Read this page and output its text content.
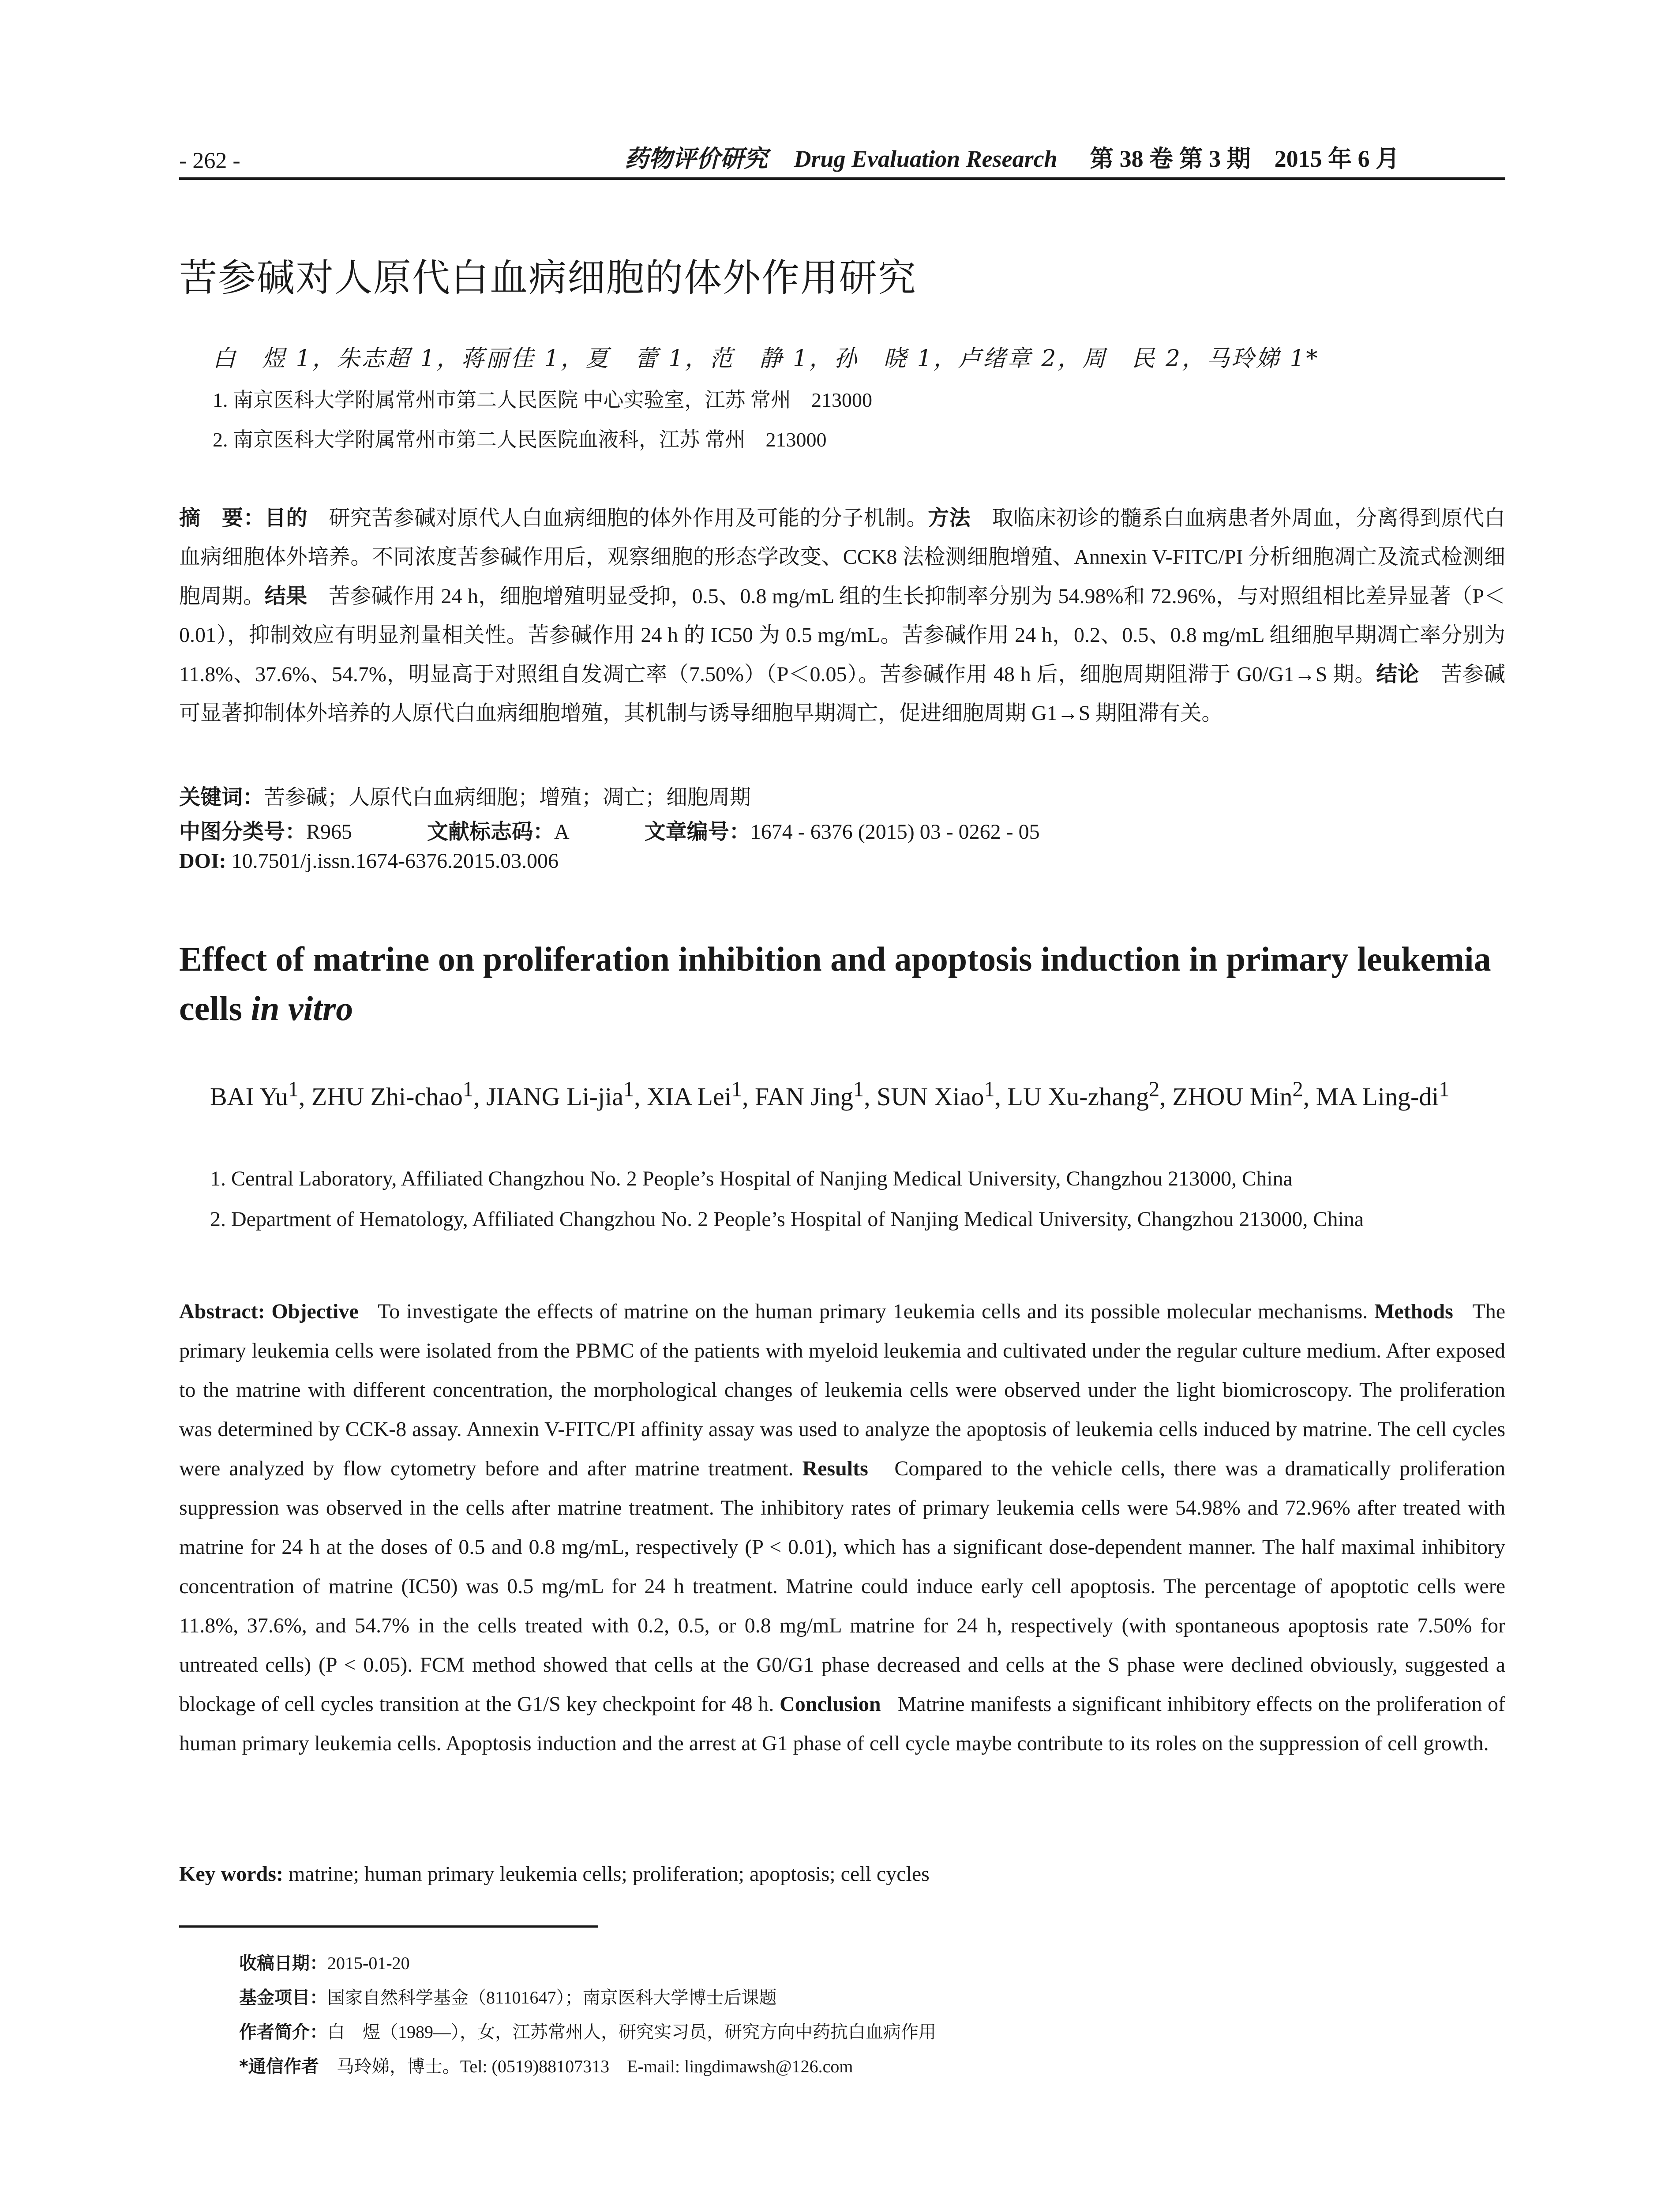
- 262 -	药物评价研究 Drug Evaluation Research 第 38 卷 第 3 期　2015 年 6 月
苦参碱对人原代白血病细胞的体外作用研究
白　煜 1，朱志超 1，蒋丽佳 1，夏　蕾 1，范　静 1，孙　晓 1，卢绪章 2，周　民 2，马玲娣 1*
1. 南京医科大学附属常州市第二人民医院 中心实验室，江苏 常州　213000
2. 南京医科大学附属常州市第二人民医院血液科，江苏 常州　213000
摘　要：目的　 研究苦参碱对原代人白血病细胞的体外作用及可能的分子机制。方法　 取临床初诊的髓系白血病患者外周血，分离得到原代白血病细胞体外培养。不同浓度苦参碱作用后，观察细胞的形态学改变、CCK8 法检测细胞增殖、Annexin V-FITC/PI 分析细胞凋亡及流式检测细胞周期。结果　 苦参碱作用 24 h，细胞增殖明显受抑，0.5、0.8 mg/mL 组的生长抑制率分别为 54.98%和 72.96%，与对照组相比差异显著（P＜0.01），抑制效应有明显剂量相关性。苦参碱作用 24 h 的 IC50 为 0.5 mg/mL。苦参碱作用 24 h，0.2、0.5、0.8 mg/mL 组细胞早期凋亡率分别为 11.8%、37.6%、54.7%，明显高于对照组自发凋亡率（7.50%）（P＜0.05）。苦参碱作用 48 h 后，细胞周期阻滞于 G0/G1→S 期。结论　 苦参碱可显著抑制体外培养的人原代白血病细胞增殖，其机制与诱导细胞早期凋亡，促进细胞周期 G1→S 期阻滞有关。
关键词：苦参碱；人原代白血病细胞；增殖；凋亡；细胞周期
中图分类号：R965	文献标志码：A	文章编号：1674 - 6376 (2015) 03 - 0262 - 05
DOI: 10.7501/j.issn.1674-6376.2015.03.006
Effect of matrine on proliferation inhibition and apoptosis induction in primary leukemia cells in vitro
BAI Yu$^1$, ZHU Zhi-chao$^1$, JIANG Li-jia$^1$, XIA Lei$^1$, FAN Jing$^1$, SUN Xiao$^1$, LU Xu-zhang$^2$, ZHOU Min$^2$, MA Ling-$di^1$
1. Central Laboratory, Affiliated Changzhou No. 2 People’s Hospital of Nanjing Medical University, Changzhou 213000, China
2. Department of Hematology, Affiliated Changzhou No. 2 People’s Hospital of Nanjing Medical University, Changzhou 213000, China
Abstract: Objective To investigate the effects of matrine on the human primary 1eukemia cells and its possible molecular mechanisms. Methods The primary leukemia cells were isolated from the PBMC of the patients with myeloid leukemia and cultivated under the regular culture medium. After exposed to the matrine with different concentration, the morphological changes of leukemia cells were observed under the light biomicroscopy. The proliferation was determined by CCK-8 assay. Annexin V-FITC/PI affinity assay was used to analyze the apoptosis of leukemia cells induced by matrine. The cell cycles were analyzed by flow cytometry before and after matrine treatment. Results Compared to the vehicle cells, there was a dramatically proliferation suppression was observed in the cells after matrine treatment. The inhibitory rates of primary leukemia cells were 54.98% and 72.96% after treated with matrine for 24 h at the doses of 0.5 and 0.8 mg/mL, respectively (P < 0.01), which has a significant dose-dependent manner. The half maximal inhibitory concentration of matrine (IC50) was 0.5 mg/mL for 24 h treatment. Matrine could induce early cell apoptosis. The percentage of apoptotic cells were 11.8%, 37.6%, and 54.7% in the cells treated with 0.2, 0.5, or 0.8 mg/mL matrine for 24 h, respectively (with spontaneous apoptosis rate 7.50% for untreated cells) (P < 0.05). FCM method showed that cells at the G0/G1 phase decreased and cells at the S phase were declined obviously, suggested a blockage of cell cycles transition at the G1/S key checkpoint for 48 h. Conclusion Matrine manifests a significant inhibitory effects on the proliferation of human primary leukemia cells. Apoptosis induction and the arrest at G1 phase of cell cycle maybe contribute to its roles on the suppression of cell growth.
Key words: matrine; human primary leukemia cells; proliferation; apoptosis; cell cycles
收稿日期：2015-01-20
基金项目：国家自然科学基金（81101647）；南京医科大学博士后课题
作者简介：白　煜（1989—），女，江苏常州人，研究实习员，研究方向中药抗白血病作用
*通信作者　 马玲娣，博士。Tel: (0519)88107313　E-mail: lingdimawsh@126.com
